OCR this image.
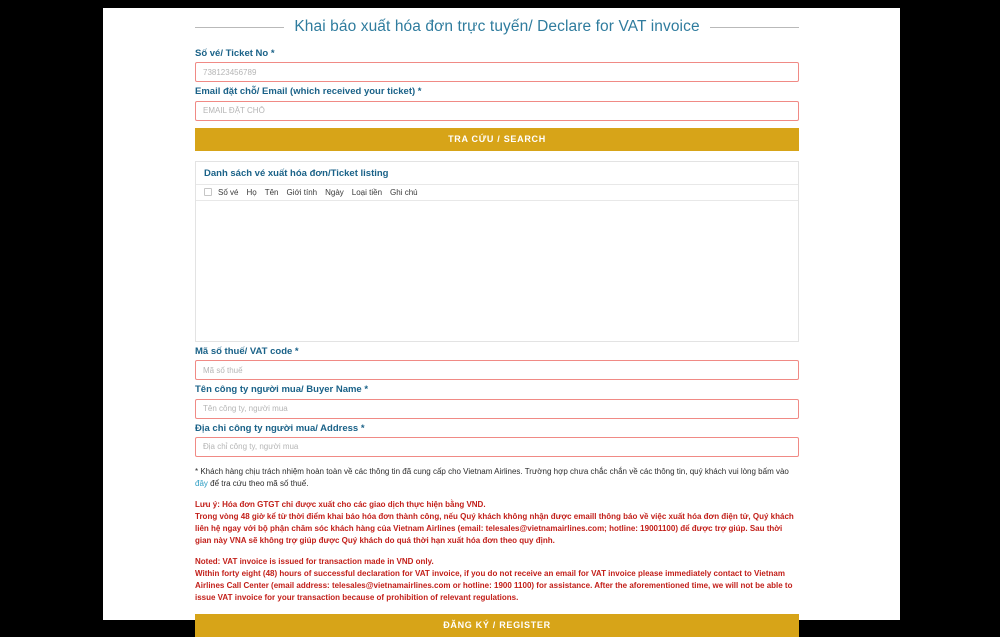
Khai báo xuất hóa đơn trực tuyến/ Declare for VAT invoice
Số vé/ Ticket No *
738123456789
Email đặt chỗ/ Email (which received your ticket) *
EMAIL ĐẶT CHỖ
TRA CỨU / SEARCH
Danh sách vé xuất hóa đơn/Ticket listing
Số vé Họ Tên Giới tính Ngày Loại tiền Ghi chú
Mã số thuế/ VAT code *
Mã số thuế
Tên công ty người mua/ Buyer Name *
Tên công ty, người mua
Địa chỉ công ty người mua/ Address *
Địa chỉ công ty, người mua
* Khách hàng chịu trách nhiệm hoàn toàn về các thông tin đã cung cấp cho Vietnam Airlines. Trường hợp chưa chắc chắn về các thông tin, quý khách vui lòng bấm vào đây để tra cứu theo mã số thuế.
Lưu ý: Hóa đơn GTGT chỉ được xuất cho các giao dịch thực hiện bằng VND.
Trong vòng 48 giờ kể từ thời điểm khai báo hóa đơn thành công, nếu Quý khách không nhận được emaill thông báo về việc xuất hóa đơn điện tử, Quý khách liên hệ ngay với bộ phận chăm sóc khách hàng của Vietnam Airlines (email: telesales@vietnamairlines.com; hotline: 19001100) để được trợ giúp. Sau thời gian này VNA sẽ không trợ giúp được Quý khách do quá thời hạn xuất hóa đơn theo quy định.
Noted: VAT invoice is issued for transaction made in VND only.
Within forty eight (48) hours of successful declaration for VAT invoice, if you do not receive an email for VAT invoice please immediately contact to Vietnam Airlines Call Center (email address: telesales@vietnamairlines.com or hotline: 1900 1100) for assistance. After the aforementioned time, we will not be able to issue VAT invoice for your transaction because of prohibition of relevant regulations.
ĐĂNG KÝ / REGISTER
